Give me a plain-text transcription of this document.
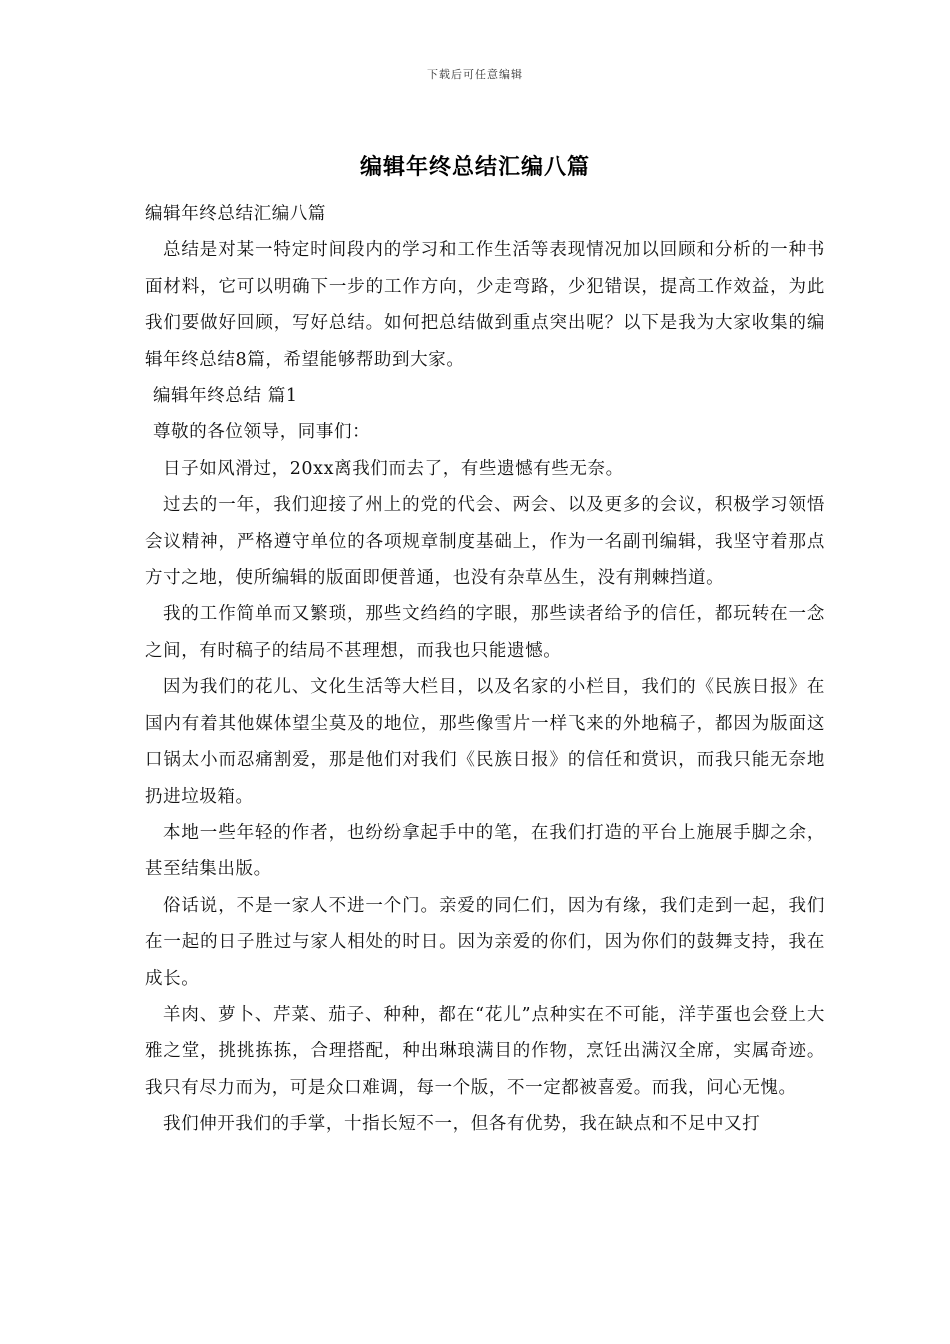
下载后可任意编辑
编辑年终总结汇编八篇

编辑年终总结汇编八篇

总结是对某一特定时间段内的学习和工作生活等表现情况加以回顾和分析的一种书面材料，它可以明确下一步的工作方向，少走弯路，少犯错误，提高工作效益，为此我们要做好回顾，写好总结。如何把总结做到重点突出呢？以下是我为大家收集的编辑年终总结8篇，希望能够帮助到大家。

编辑年终总结 篇1

尊敬的各位领导，同事们：

日子如风滑过，20xx离我们而去了，有些遗憾有些无奈。

过去的一年，我们迎接了州上的党的代会、两会、以及更多的会议，积极学习领悟会议精神，严格遵守单位的各项规章制度基础上，作为一名副刊编辑，我坚守着那点方寸之地，使所编辑的版面即便普通，也没有杂草丛生，没有荆棘挡道。

我的工作简单而又繁琐，那些文绉绉的字眼，那些读者给予的信任，都玩转在一念之间，有时稿子的结局不甚理想，而我也只能遗憾。

因为我们的花儿、文化生活等大栏目，以及名家的小栏目，我们的《民族日报》在国内有着其他媒体望尘莫及的地位，那些像雪片一样飞来的外地稿子，都因为版面这口锅太小而忍痛割爱，那是他们对我们《民族日报》的信任和赏识，而我只能无奈地扔进垃圾箱。

本地一些年轻的作者，也纷纷拿起手中的笔，在我们打造的平台上施展手脚之余，甚至结集出版。

俗话说，不是一家人不进一个门。亲爱的同仁们，因为有缘，我们走到一起，我们在一起的日子胜过与家人相处的时日。因为亲爱的你们，因为你们的鼓舞支持，我在成长。

羊肉、萝卜、芹菜、茄子、种种，都在“花儿”点种实在不可能，洋芋蛋也会登上大雅之堂，挑挑拣拣，合理搭配，种出琳琅满目的作物，烹饪出满汉全席，实属奇迹。我只有尽力而为，可是众口难调，每一个版，不一定都被喜爱。而我，问心无愧。

我们伸开我们的手掌，十指长短不一，但各有优势，我在缺点和不足中又打
